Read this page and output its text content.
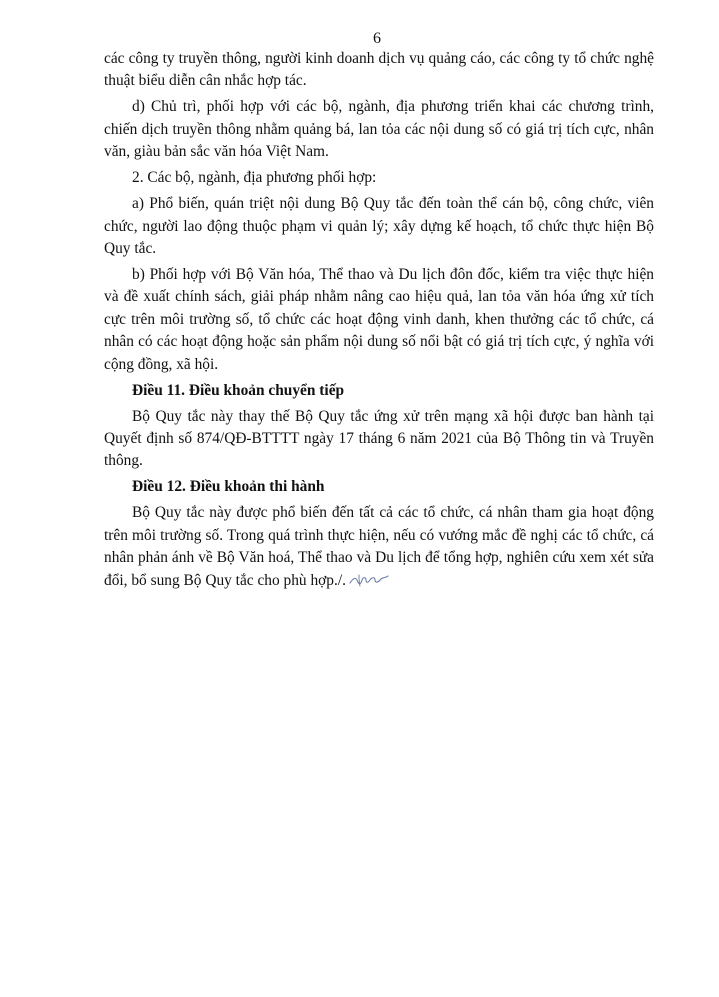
6

các công ty truyền thông, người kinh doanh dịch vụ quảng cáo, các công ty tổ chức nghệ thuật biểu diễn cân nhắc hợp tác.

d) Chủ trì, phối hợp với các bộ, ngành, địa phương triển khai các chương trình, chiến dịch truyền thông nhằm quảng bá, lan tỏa các nội dung số có giá trị tích cực, nhân văn, giàu bản sắc văn hóa Việt Nam.

2. Các bộ, ngành, địa phương phối hợp:

a) Phổ biến, quán triệt nội dung Bộ Quy tắc đến toàn thể cán bộ, công chức, viên chức, người lao động thuộc phạm vi quản lý; xây dựng kế hoạch, tổ chức thực hiện Bộ Quy tắc.

b) Phối hợp với Bộ Văn hóa, Thể thao và Du lịch đôn đốc, kiểm tra việc thực hiện và đề xuất chính sách, giải pháp nhằm nâng cao hiệu quả, lan tỏa văn hóa ứng xử tích cực trên môi trường số, tổ chức các hoạt động vinh danh, khen thưởng các tổ chức, cá nhân có các hoạt động hoặc sản phẩm nội dung số nổi bật có giá trị tích cực, ý nghĩa với cộng đồng, xã hội.

Điều 11. Điều khoản chuyển tiếp

Bộ Quy tắc này thay thế Bộ Quy tắc ứng xử trên mạng xã hội được ban hành tại Quyết định số 874/QĐ-BTTTT ngày 17 tháng 6 năm 2021 của Bộ Thông tin và Truyền thông.

Điều 12. Điều khoản thi hành

Bộ Quy tắc này được phổ biến đến tất cả các tổ chức, cá nhân tham gia hoạt động trên môi trường số. Trong quá trình thực hiện, nếu có vướng mắc đề nghị các tổ chức, cá nhân phản ánh về Bộ Văn hoá, Thể thao và Du lịch để tổng hợp, nghiên cứu xem xét sửa đổi, bổ sung Bộ Quy tắc cho phù hợp./.
